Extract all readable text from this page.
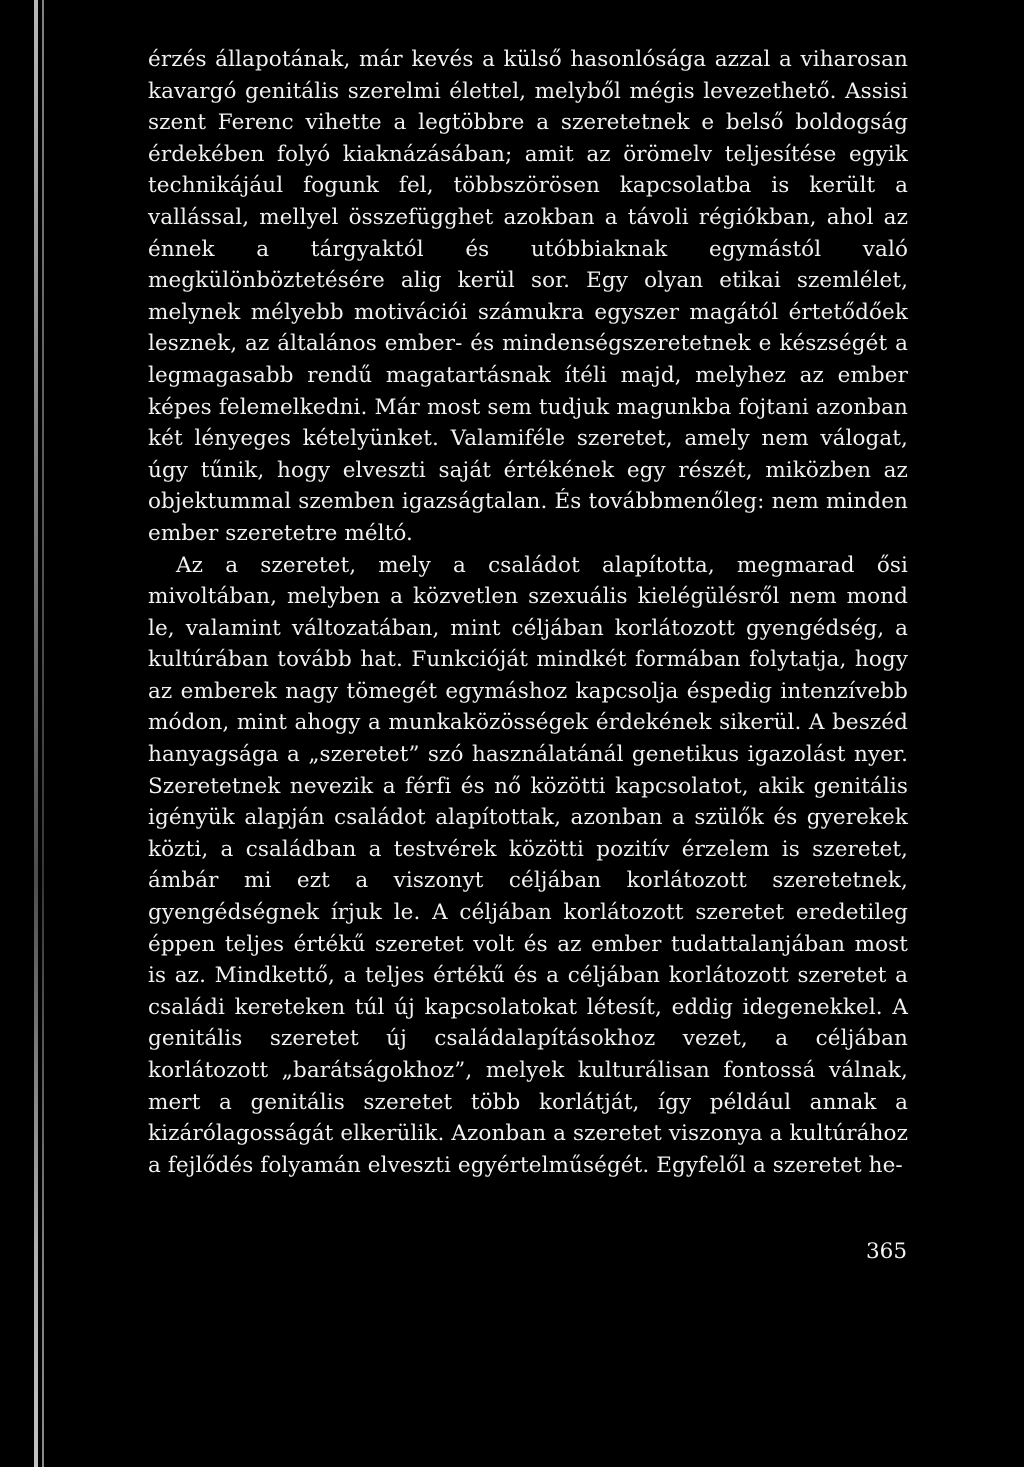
érzés állapotának, már kevés a külső hasonlósága azzal a viharosan kavargó genitális szerelmi élettel, melyből mégis levezethető. Assisi szent Ferenc vihette a legtöbbre a szeretetnek e belső boldogság érdekében folyó kiaknázásában; amit az örömelv teljesítése egyik technikájául fogunk fel, többszörösen kapcsolatba is került a vallással, mellyel összefügghet azokban a távoli régiókban, ahol az énnek a tárgyaktól és utóbbiaknak egymástól való megkülönböztetésére alig kerül sor. Egy olyan etikai szemlélet, melynek mélyebb motivációi számukra egyszer magától értetődőek lesznek, az általános ember- és mindenségszeretetnek e készségét a legmagasabb rendű magatartásnak ítéli majd, melyhez az ember képes felemelkedni. Már most sem tudjuk magunkba fojtani azonban két lényeges kételyünket. Valamiféle szeretet, amely nem válogat, úgy tűnik, hogy elveszti saját értékének egy részét, miközben az objektummal szemben igazságtalan. És továbbmenőleg: nem minden ember szeretetre méltó.

Az a szeretet, mely a családot alapította, megmarad ősi mivoltában, melyben a közvetlen szexuális kielégülésről nem mond le, valamint változatában, mint céljában korlátozott gyengédség, a kultúrában tovább hat. Funkcióját mindkét formában folytatja, hogy az emberek nagy tömegét egymáshoz kapcsolja éspedig intenzívebb módon, mint ahogy a munkaközösségek érdekének sikerül. A beszéd hanyagsága a „szeretet” szó használatánál genetikus igazolást nyer. Szeretetnek nevezik a férfi és nő közötti kapcsolatot, akik genitális igényük alapján családot alapítottak, azonban a szülők és gyerekek közti, a családban a testvérek közötti pozitív érzelem is szeretet, ámbár mi ezt a viszonyt céljában korlátozott szeretetnek, gyengédségnek írjuk le. A céljában korlátozott szeretet eredetileg éppen teljes értékű szeretet volt és az ember tudattalanjában most is az. Mindkettő, a teljes értékű és a céljában korlátozott szeretet a családi kereteken túl új kapcsolatokat létesít, eddig idegenekkel. A genitális szeretet új családalapításokhoz vezet, a céljában korlátozott „barátságokhoz”, melyek kulturálisan fontossá válnak, mert a genitális szeretet több korlátját, így például annak a kizárólagosságát elkerülik. Azonban a szeretet viszonya a kultúrához a fejlődés folyamán elveszti egyértelműségét. Egyfelől a szeretet he-

365
